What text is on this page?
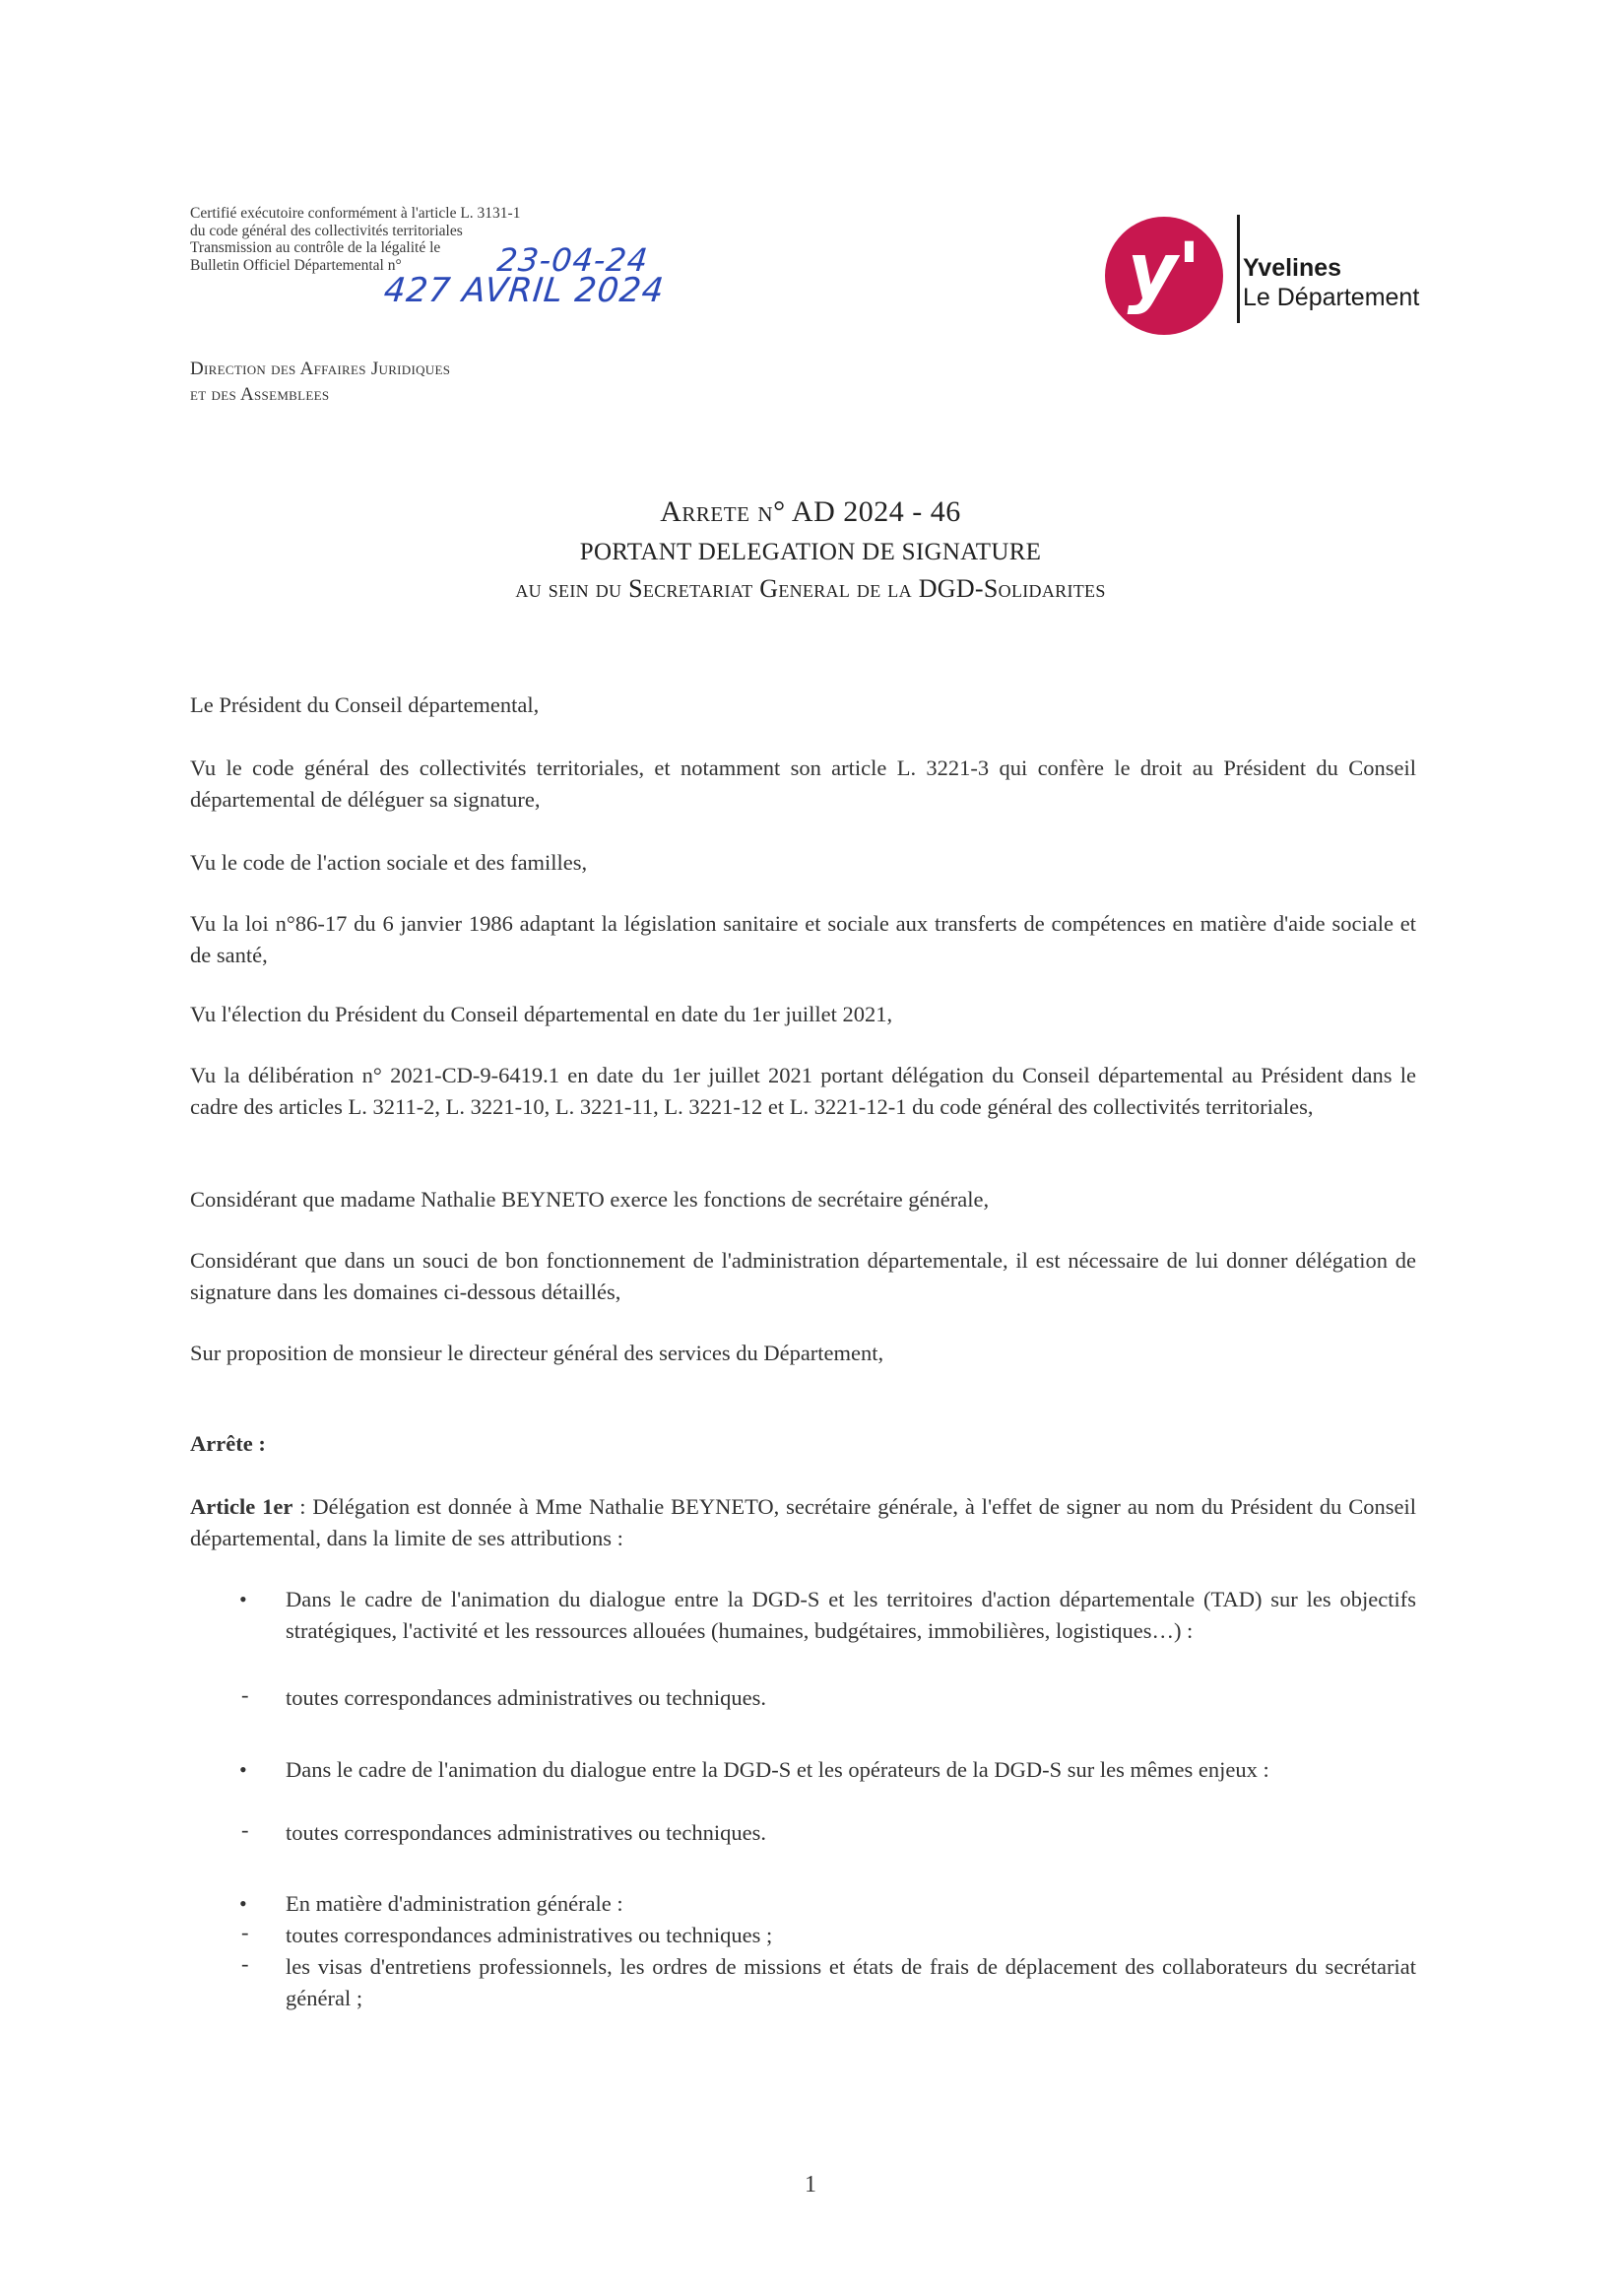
Certifié exécutoire conformément à l'article L. 3131-1
du code général des collectivités territoriales
Transmission au contrôle de la légalité le
Bulletin Officiel Départemental n°	23-04-24
427 AVRIL 2024	y'	Yvelines
Le Département
Direction des Affaires Juridiques
et des Assemblees
Arrete n° AD 2024 - 46
PORTANT DELEGATION DE SIGNATURE
au sein du Secretariat General de la DGD-Solidarites
Le Président du Conseil départemental,
Vu le code général des collectivités territoriales, et notamment son article L. 3221-3 qui confère le droit au Président du Conseil départemental de déléguer sa signature,
Vu le code de l'action sociale et des familles,
Vu la loi n°86-17 du 6 janvier 1986 adaptant la législation sanitaire et sociale aux transferts de compétences en matière d'aide sociale et de santé,
Vu l'élection du Président du Conseil départemental en date du 1er juillet 2021,
Vu la délibération n° 2021-CD-9-6419.1 en date du 1er juillet 2021 portant délégation du Conseil départemental au Président dans le cadre des articles L. 3211-2, L. 3221-10, L. 3221-11, L. 3221-12 et L. 3221-12-1 du code général des collectivités territoriales,
Considérant que madame Nathalie BEYNETO exerce les fonctions de secrétaire générale,
Considérant que dans un souci de bon fonctionnement de l'administration départementale, il est nécessaire de lui donner délégation de signature dans les domaines ci-dessous détaillés,
Sur proposition de monsieur le directeur général des services du Département,
Arrête :
Article 1er : Délégation est donnée à Mme Nathalie BEYNETO, secrétaire générale, à l'effet de signer au nom du Président du Conseil départemental, dans la limite de ses attributions :
• Dans le cadre de l'animation du dialogue entre la DGD-S et les territoires d'action départementale (TAD) sur les objectifs stratégiques, l'activité et les ressources allouées (humaines, budgétaires, immobilières, logistiques…) :
- toutes correspondances administratives ou techniques.
• Dans le cadre de l'animation du dialogue entre la DGD-S et les opérateurs de la DGD-S sur les mêmes enjeux :
- toutes correspondances administratives ou techniques.
• En matière d'administration générale :
- toutes correspondances administratives ou techniques ;
- les visas d'entretiens professionnels, les ordres de missions et états de frais de déplacement des collaborateurs du secrétariat général ;
1
